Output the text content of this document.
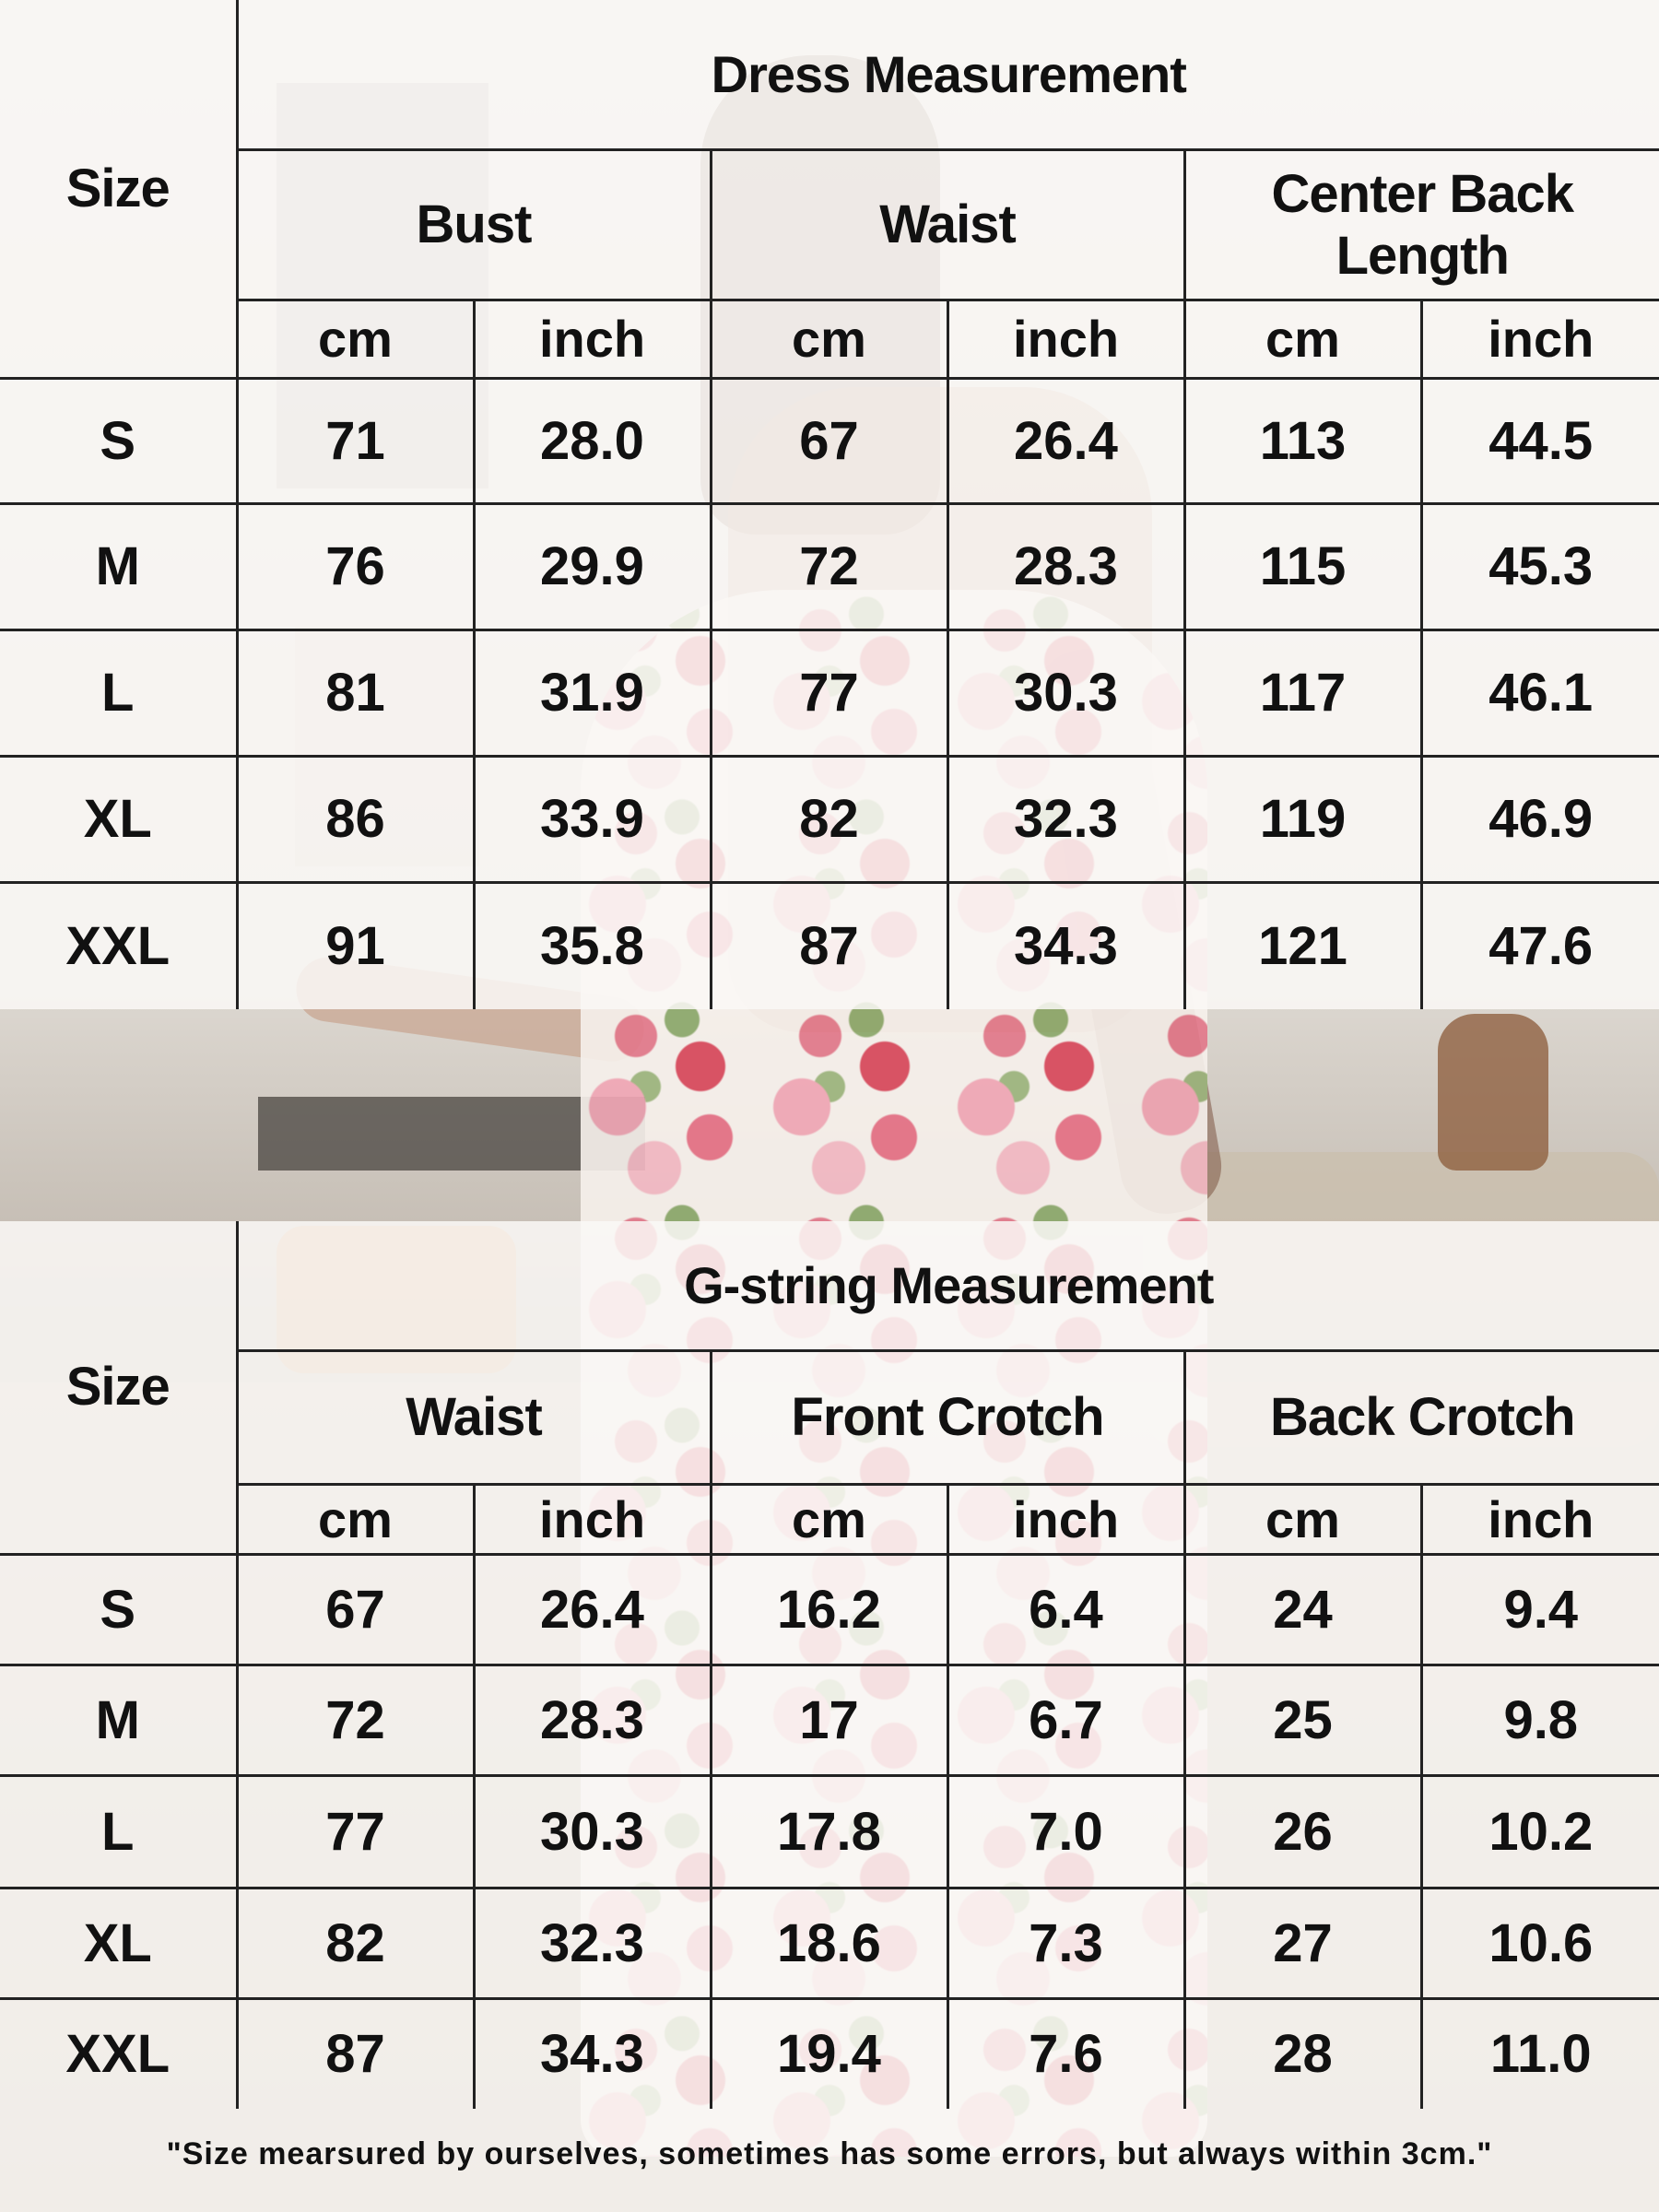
Size	Dress Measurement					
	Bust		Waist		Center Back Length	
	cm	inch	cm	inch	cm	inch
S	71	28.0	67	26.4	113	44.5
M	76	29.9	72	28.3	115	45.3
L	81	31.9	77	30.3	117	46.1
XL	86	33.9	82	32.3	119	46.9
XXL	91	35.8	87	34.3	121	47.6
Size	G-string Measurement					
	Waist		Front Crotch		Back Crotch	
	cm	inch	cm	inch	cm	inch
S	67	26.4	16.2	6.4	24	9.4
M	72	28.3	17	6.7	25	9.8
L	77	30.3	17.8	7.0	26	10.2
XL	82	32.3	18.6	7.3	27	10.6
XXL	87	34.3	19.4	7.6	28	11.0
"Size mearsured by ourselves, sometimes has some errors, but always within 3cm."
